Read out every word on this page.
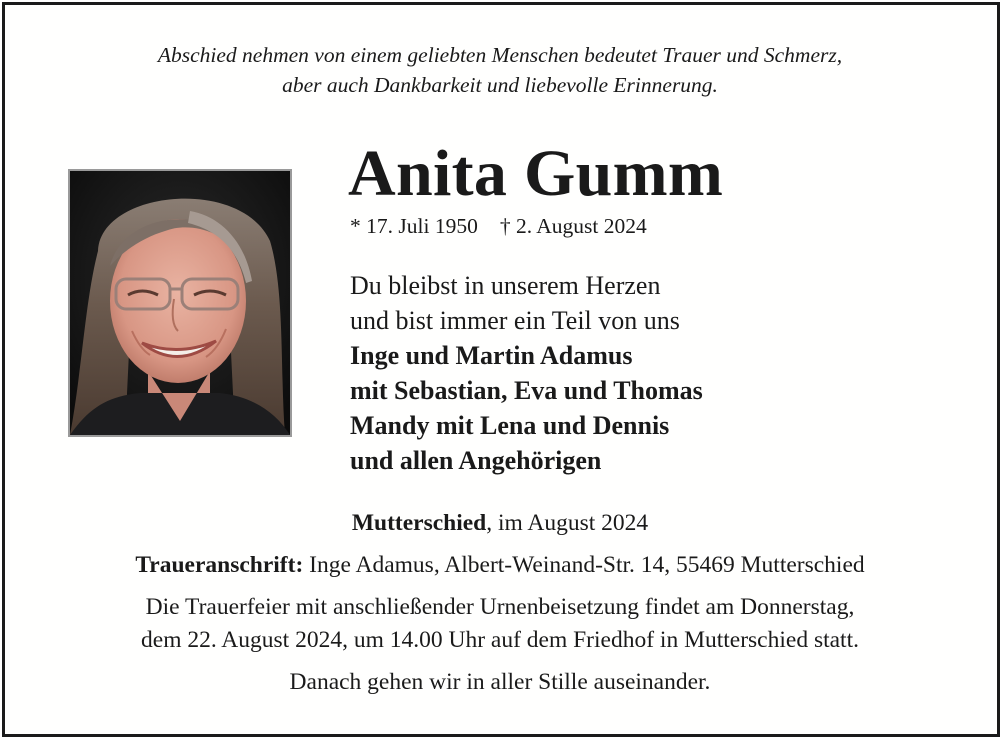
Abschied nehmen von einem geliebten Menschen bedeutet Trauer und Schmerz,
aber auch Dankbarkeit und liebevolle Erinnerung.
Anita Gumm
* 17. Juli 1950 † 2. August 2024
Du bleibst in unserem Herzen
und bist immer ein Teil von uns
Inge und Martin Adamus
mit Sebastian, Eva und Thomas
Mandy mit Lena und Dennis
und allen Angehörigen
Mutterschied, im August 2024
Traueranschrift: Inge Adamus, Albert-Weinand-Str. 14, 55469 Mutterschied
Die Trauerfeier mit anschließender Urnenbeisetzung findet am Donnerstag,
dem 22. August 2024, um 14.00 Uhr auf dem Friedhof in Mutterschied statt.
Danach gehen wir in aller Stille auseinander.
